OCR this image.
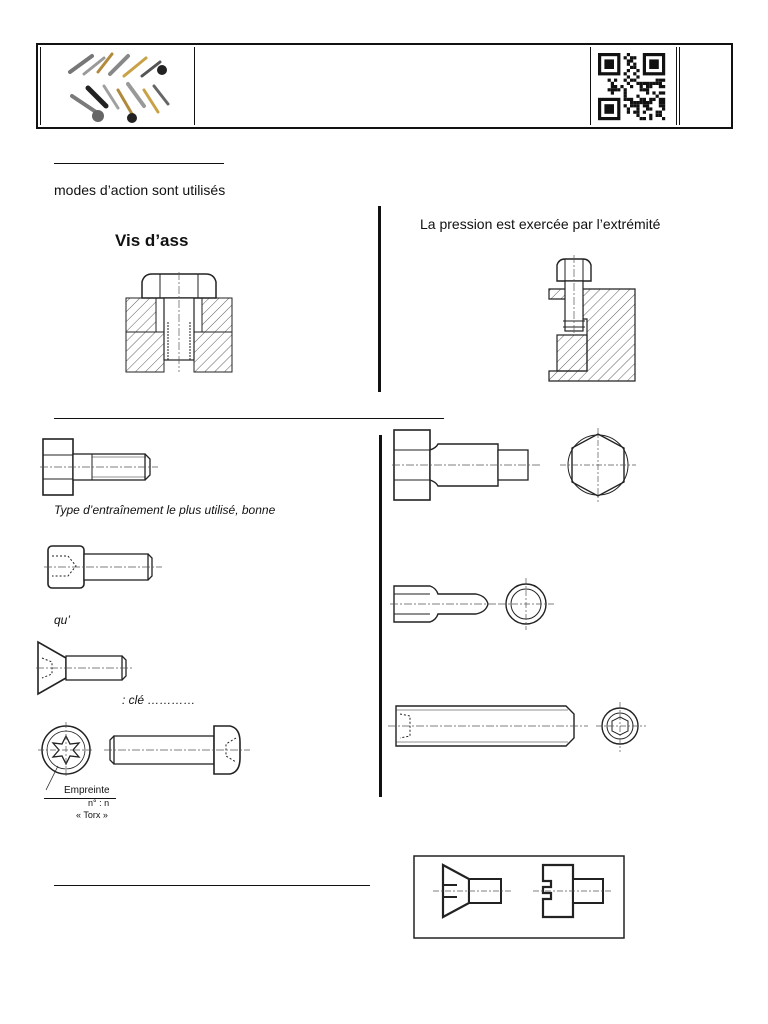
modes d’action sont utilisés
Vis d’ass
La pression est exercée par l’extrémité
Type d’entraînement le plus utilisé, bonne
qu’
: clé …………
Empreinte
n° : n
« Torx »
